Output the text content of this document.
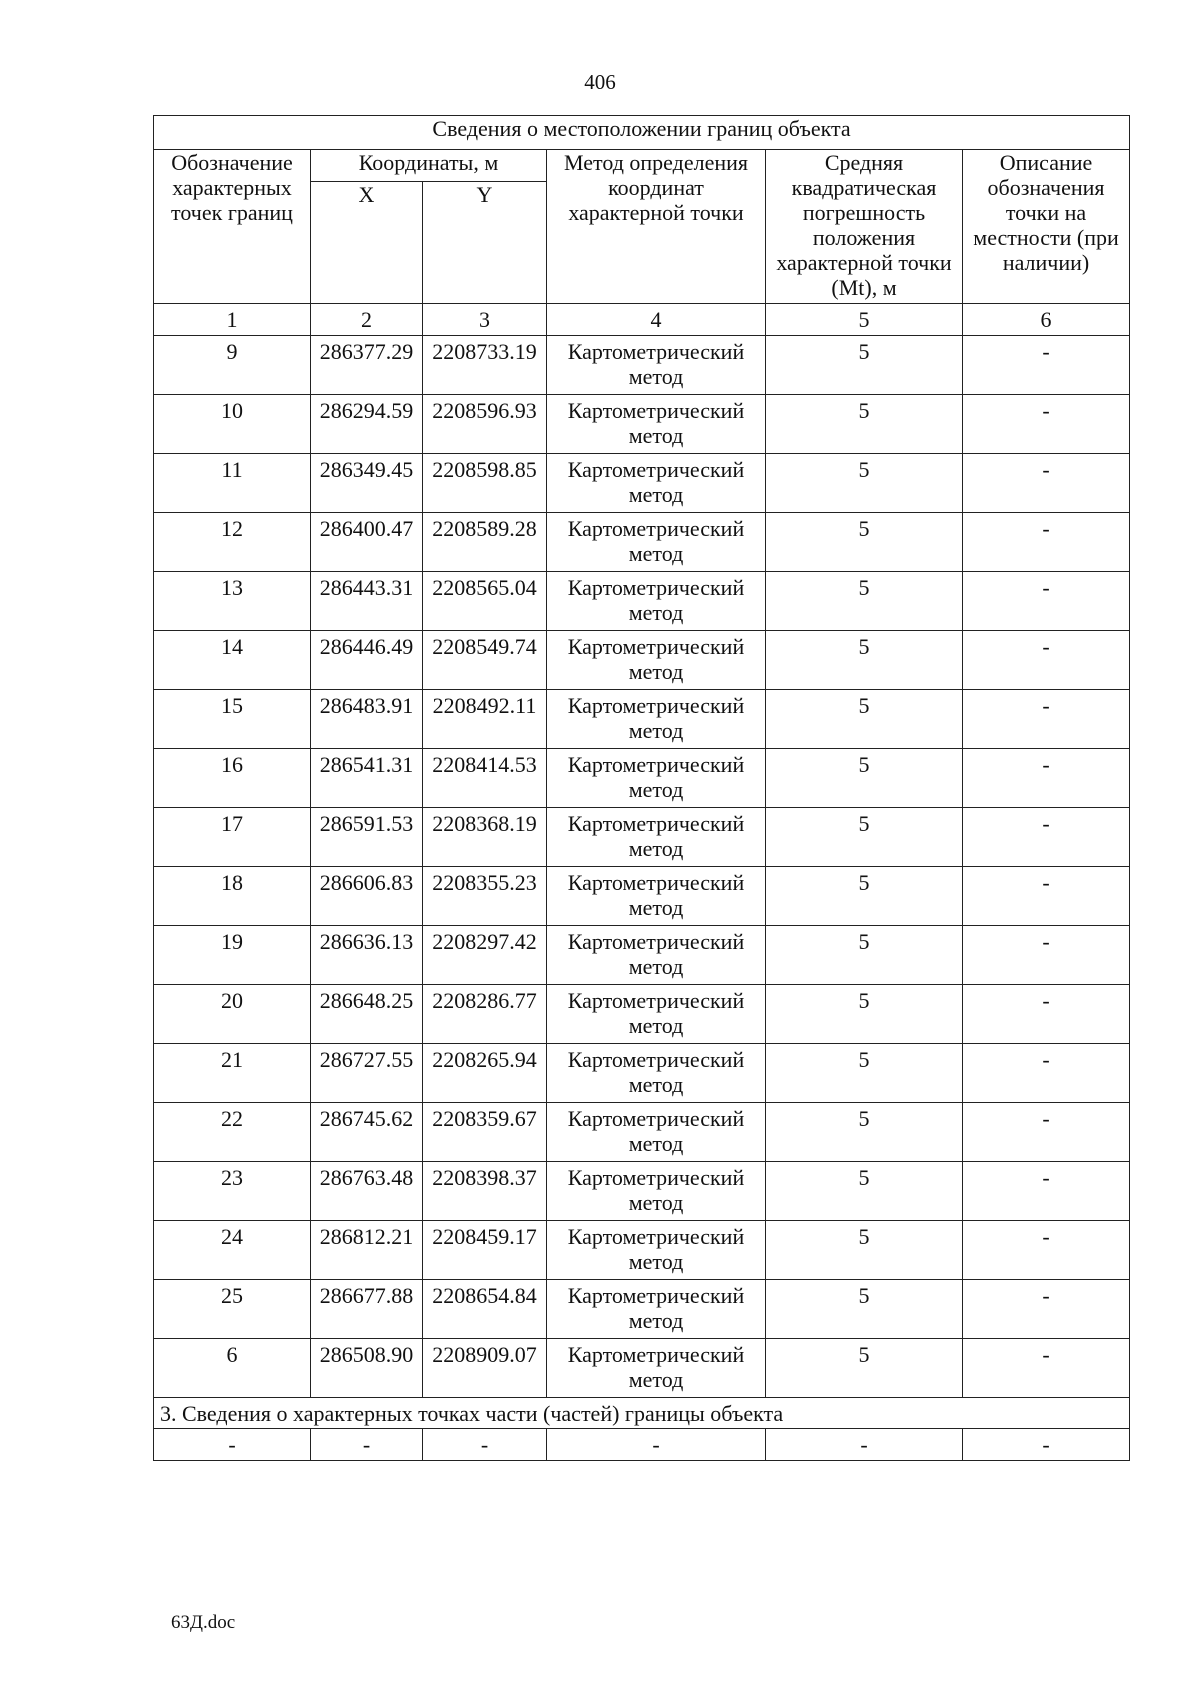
406
Сведения о местоположении границ объекта					
Обозначение характерных точек границ	Координаты, м		Метод определения координат характерной точки	Средняя квадратическая погрешность положения характерной точки (Mt), м	Описание обозначения точки на местности (при наличии)
	X	Y			
1	2	3	4	5	6
9	286377.29	2208733.19	Картометрический метод	5	-
10	286294.59	2208596.93	Картометрический метод	5	-
11	286349.45	2208598.85	Картометрический метод	5	-
12	286400.47	2208589.28	Картометрический метод	5	-
13	286443.31	2208565.04	Картометрический метод	5	-
14	286446.49	2208549.74	Картометрический метод	5	-
15	286483.91	2208492.11	Картометрический метод	5	-
16	286541.31	2208414.53	Картометрический метод	5	-
17	286591.53	2208368.19	Картометрический метод	5	-
18	286606.83	2208355.23	Картометрический метод	5	-
19	286636.13	2208297.42	Картометрический метод	5	-
20	286648.25	2208286.77	Картометрический метод	5	-
21	286727.55	2208265.94	Картометрический метод	5	-
22	286745.62	2208359.67	Картометрический метод	5	-
23	286763.48	2208398.37	Картометрический метод	5	-
24	286812.21	2208459.17	Картометрический метод	5	-
25	286677.88	2208654.84	Картометрический метод	5	-
6	286508.90	2208909.07	Картометрический метод	5	-
3. Сведения о характерных точках части (частей) границы объекта					
-	-	-	-	-	-
63Д.doc
